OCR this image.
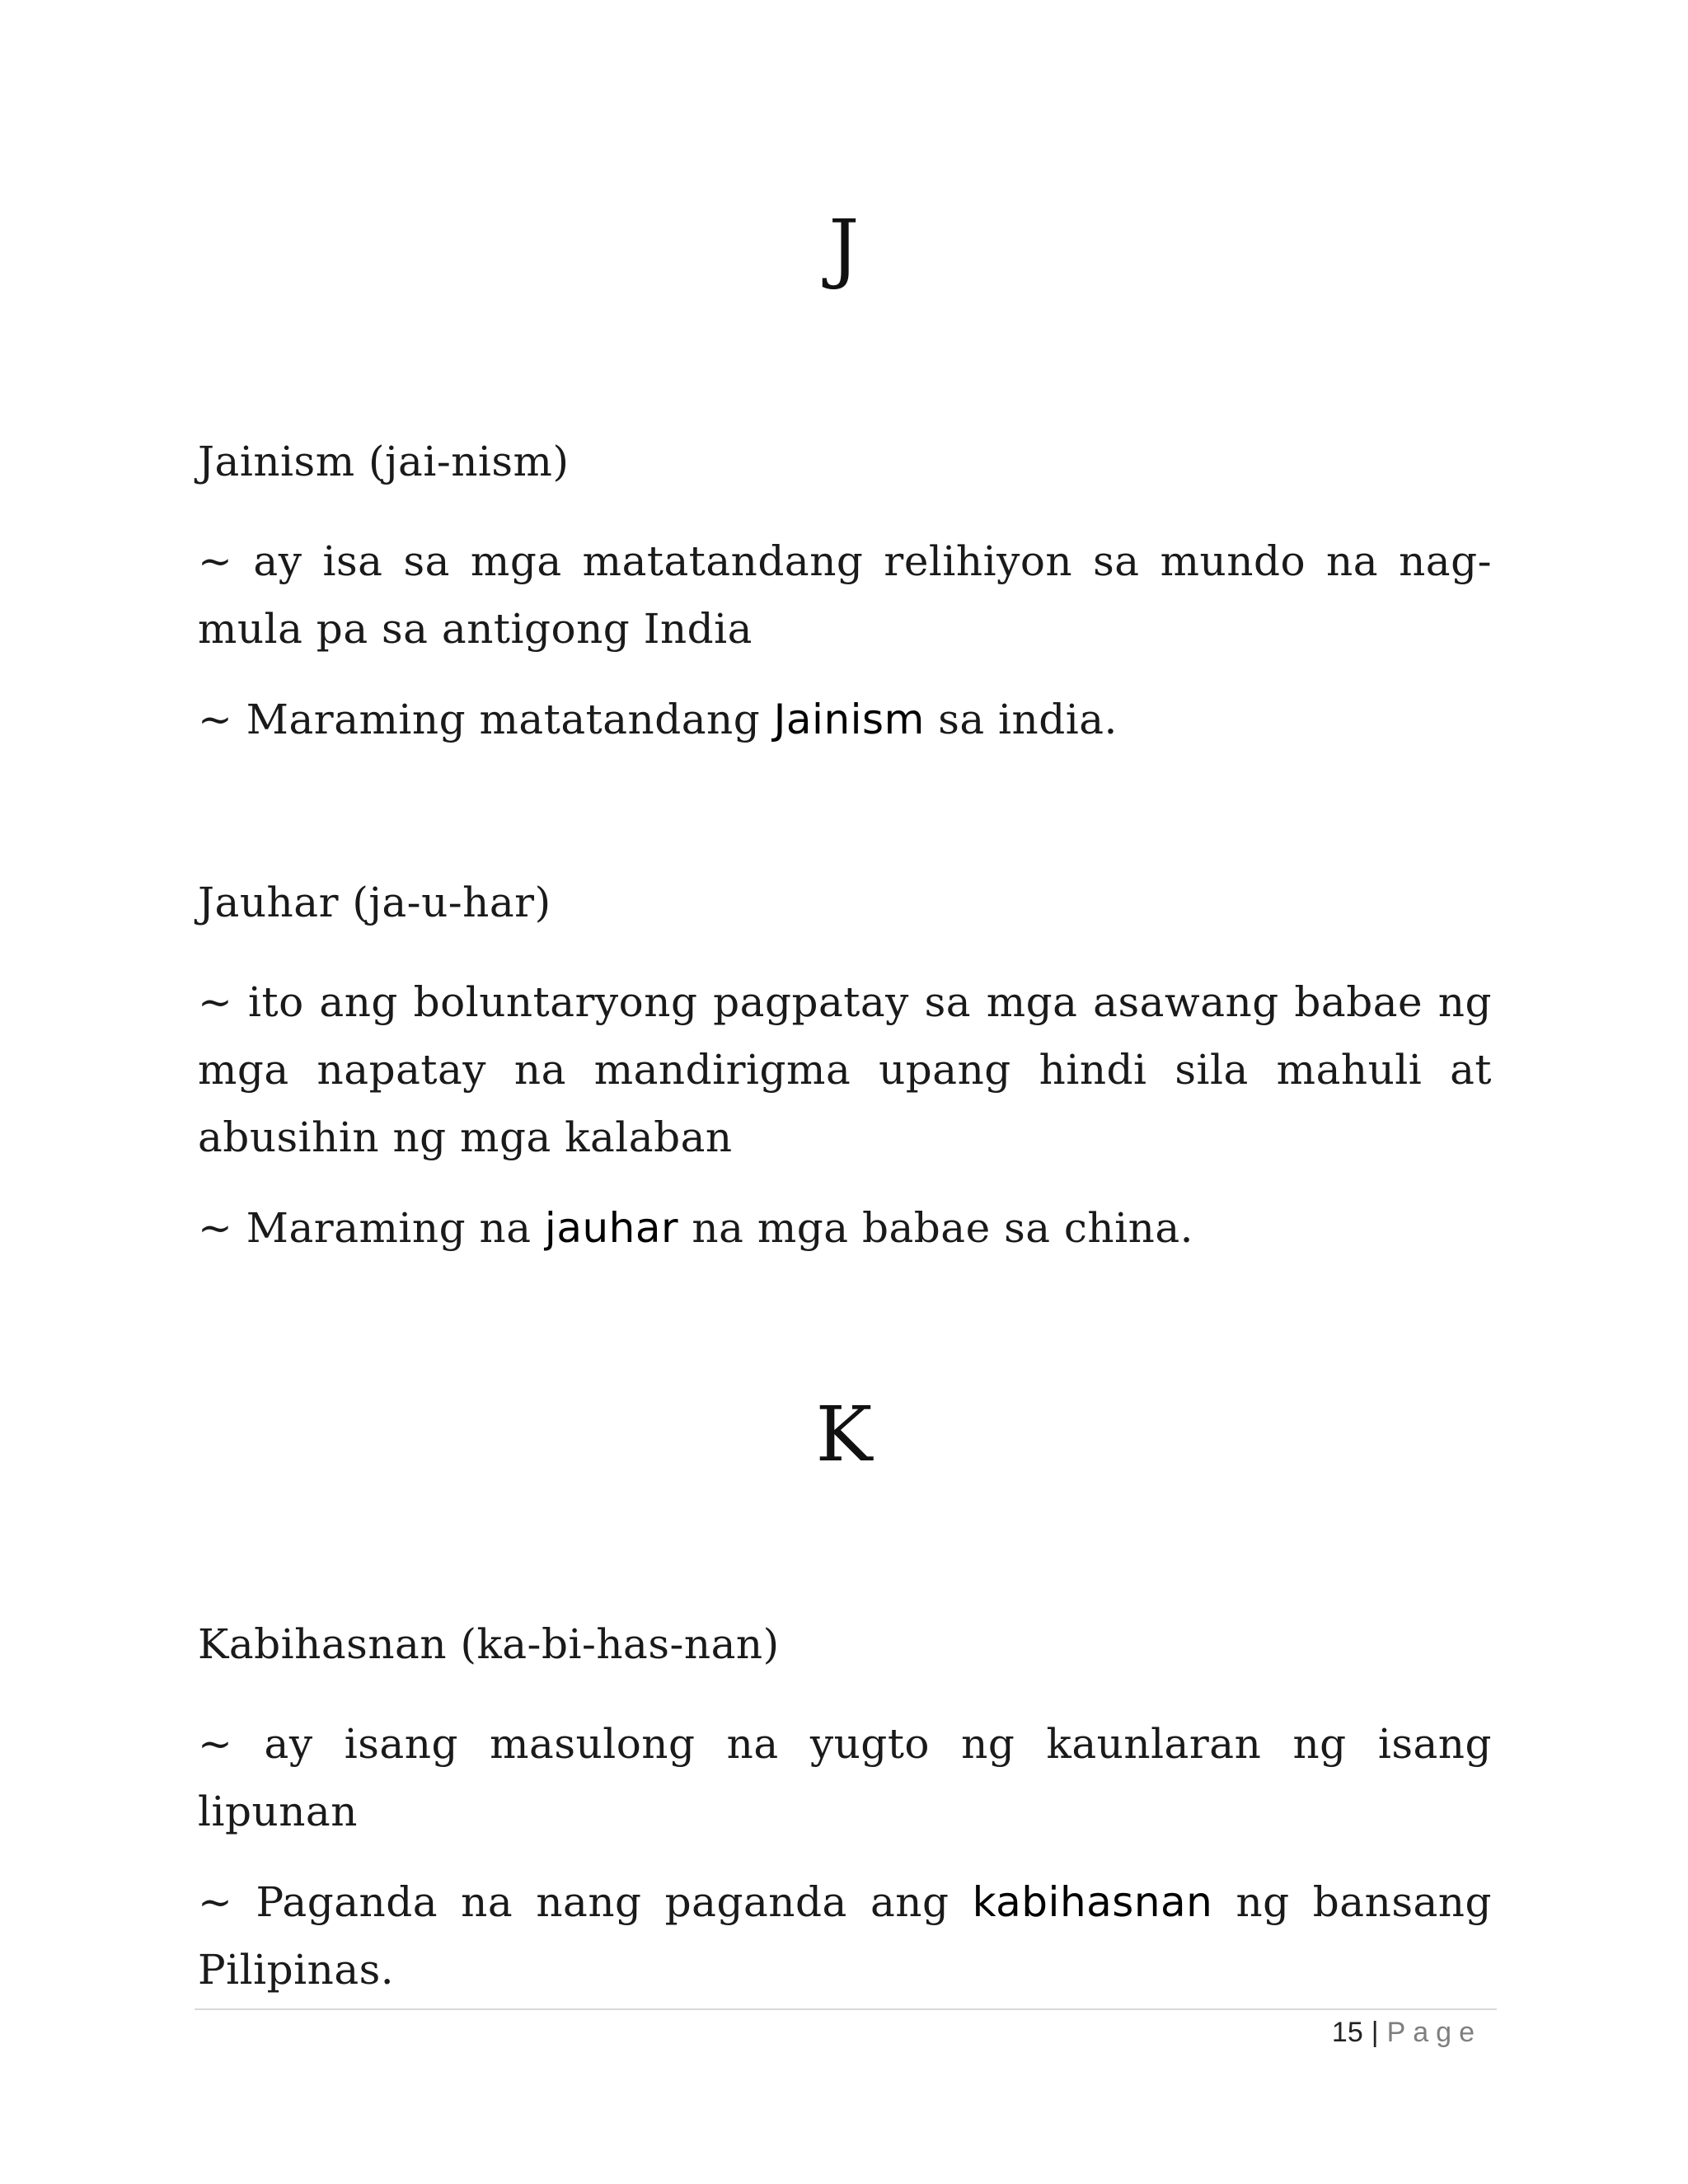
J

Jainism (jai-nism)

~ ay isa sa mga matatandang relihiyon sa mundo na nag-mula pa sa antigong India

~ Maraming matatandang Jainism sa india.

Jauhar (ja-u-har)

~ ito ang boluntaryong pagpatay sa mga asawang babae ng mga napatay na mandirigma upang hindi sila mahuli at abusihin ng mga kalaban

~ Maraming na jauhar na mga babae sa china.

K

Kabihasnan (ka-bi-has-nan)

~ ay isang masulong na yugto ng kaunlaran ng isang lipunan

~ Paganda na nang paganda ang kabihasnan ng bansang Pilipinas.

15 | Page
